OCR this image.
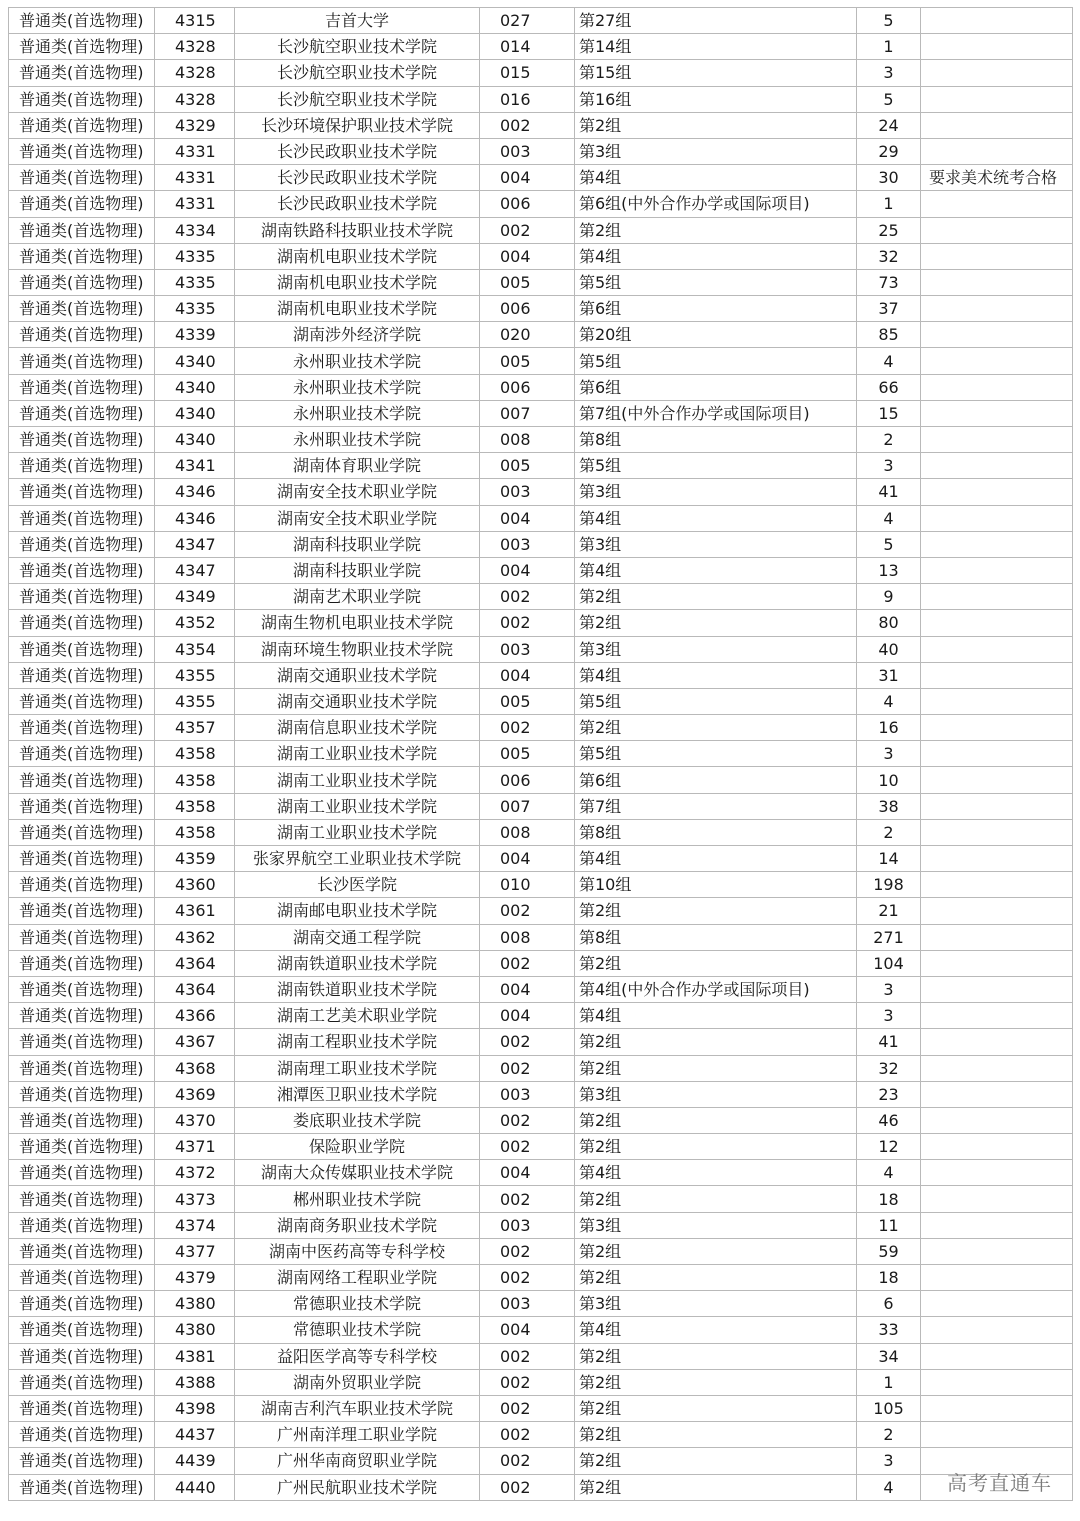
普通类(首选物理)	4315	吉首大学	027	第27组	5	
普通类(首选物理)	4328	长沙航空职业技术学院	014	第14组	1	
普通类(首选物理)	4328	长沙航空职业技术学院	015	第15组	3	
普通类(首选物理)	4328	长沙航空职业技术学院	016	第16组	5	
普通类(首选物理)	4329	长沙环境保护职业技术学院	002	第2组	24	
普通类(首选物理)	4331	长沙民政职业技术学院	003	第3组	29	
普通类(首选物理)	4331	长沙民政职业技术学院	004	第4组	30	要求美术统考合格
普通类(首选物理)	4331	长沙民政职业技术学院	006	第6组(中外合作办学或国际项目)	1	
普通类(首选物理)	4334	湖南铁路科技职业技术学院	002	第2组	25	
普通类(首选物理)	4335	湖南机电职业技术学院	004	第4组	32	
普通类(首选物理)	4335	湖南机电职业技术学院	005	第5组	73	
普通类(首选物理)	4335	湖南机电职业技术学院	006	第6组	37	
普通类(首选物理)	4339	湖南涉外经济学院	020	第20组	85	
普通类(首选物理)	4340	永州职业技术学院	005	第5组	4	
普通类(首选物理)	4340	永州职业技术学院	006	第6组	66	
普通类(首选物理)	4340	永州职业技术学院	007	第7组(中外合作办学或国际项目)	15	
普通类(首选物理)	4340	永州职业技术学院	008	第8组	2	
普通类(首选物理)	4341	湖南体育职业学院	005	第5组	3	
普通类(首选物理)	4346	湖南安全技术职业学院	003	第3组	41	
普通类(首选物理)	4346	湖南安全技术职业学院	004	第4组	4	
普通类(首选物理)	4347	湖南科技职业学院	003	第3组	5	
普通类(首选物理)	4347	湖南科技职业学院	004	第4组	13	
普通类(首选物理)	4349	湖南艺术职业学院	002	第2组	9	
普通类(首选物理)	4352	湖南生物机电职业技术学院	002	第2组	80	
普通类(首选物理)	4354	湖南环境生物职业技术学院	003	第3组	40	
普通类(首选物理)	4355	湖南交通职业技术学院	004	第4组	31	
普通类(首选物理)	4355	湖南交通职业技术学院	005	第5组	4	
普通类(首选物理)	4357	湖南信息职业技术学院	002	第2组	16	
普通类(首选物理)	4358	湖南工业职业技术学院	005	第5组	3	
普通类(首选物理)	4358	湖南工业职业技术学院	006	第6组	10	
普通类(首选物理)	4358	湖南工业职业技术学院	007	第7组	38	
普通类(首选物理)	4358	湖南工业职业技术学院	008	第8组	2	
普通类(首选物理)	4359	张家界航空工业职业技术学院	004	第4组	14	
普通类(首选物理)	4360	长沙医学院	010	第10组	198	
普通类(首选物理)	4361	湖南邮电职业技术学院	002	第2组	21	
普通类(首选物理)	4362	湖南交通工程学院	008	第8组	271	
普通类(首选物理)	4364	湖南铁道职业技术学院	002	第2组	104	
普通类(首选物理)	4364	湖南铁道职业技术学院	004	第4组(中外合作办学或国际项目)	3	
普通类(首选物理)	4366	湖南工艺美术职业学院	004	第4组	3	
普通类(首选物理)	4367	湖南工程职业技术学院	002	第2组	41	
普通类(首选物理)	4368	湖南理工职业技术学院	002	第2组	32	
普通类(首选物理)	4369	湘潭医卫职业技术学院	003	第3组	23	
普通类(首选物理)	4370	娄底职业技术学院	002	第2组	46	
普通类(首选物理)	4371	保险职业学院	002	第2组	12	
普通类(首选物理)	4372	湖南大众传媒职业技术学院	004	第4组	4	
普通类(首选物理)	4373	郴州职业技术学院	002	第2组	18	
普通类(首选物理)	4374	湖南商务职业技术学院	003	第3组	11	
普通类(首选物理)	4377	湖南中医药高等专科学校	002	第2组	59	
普通类(首选物理)	4379	湖南网络工程职业学院	002	第2组	18	
普通类(首选物理)	4380	常德职业技术学院	003	第3组	6	
普通类(首选物理)	4380	常德职业技术学院	004	第4组	33	
普通类(首选物理)	4381	益阳医学高等专科学校	002	第2组	34	
普通类(首选物理)	4388	湖南外贸职业学院	002	第2组	1	
普通类(首选物理)	4398	湖南吉利汽车职业技术学院	002	第2组	105	
普通类(首选物理)	4437	广州南洋理工职业学院	002	第2组	2	
普通类(首选物理)	4439	广州华南商贸职业学院	002	第2组	3	
普通类(首选物理)	4440	广州民航职业技术学院	002	第2组	4		高考直通车
